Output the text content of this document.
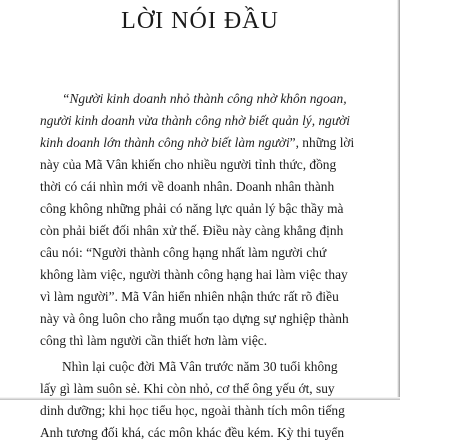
LỜI NÓI ĐẦU
“Người kinh doanh nhỏ thành công nhờ khôn ngoan,
người kinh doanh vừa thành công nhờ biết quản lý, người
kinh doanh lớn thành công nhờ biết làm người”, những lời
này của Mã Vân khiến cho nhiều người tỉnh thức, đồng
thời có cái nhìn mới về doanh nhân. Doanh nhân thành
công không những phải có năng lực quản lý bậc thầy mà
còn phải biết đối nhân xử thế. Điều này càng khẳng định
câu nói: “Người thành công hạng nhất làm người chứ
không làm việc, người thành công hạng hai làm việc thay
vì làm người”. Mã Vân hiển nhiên nhận thức rất rõ điều
này và ông luôn cho rằng muốn tạo dựng sự nghiệp thành
công thì làm người cần thiết hơn làm việc.
Nhìn lại cuộc đời Mã Vân trước năm 30 tuổi không
lấy gì làm suôn sẻ. Khi còn nhỏ, cơ thể ông yếu ớt, suy
dinh dưỡng; khi học tiểu học, ngoài thành tích môn tiếng
Anh tương đối khá, các môn khác đều kém. Kỳ thi tuyển
